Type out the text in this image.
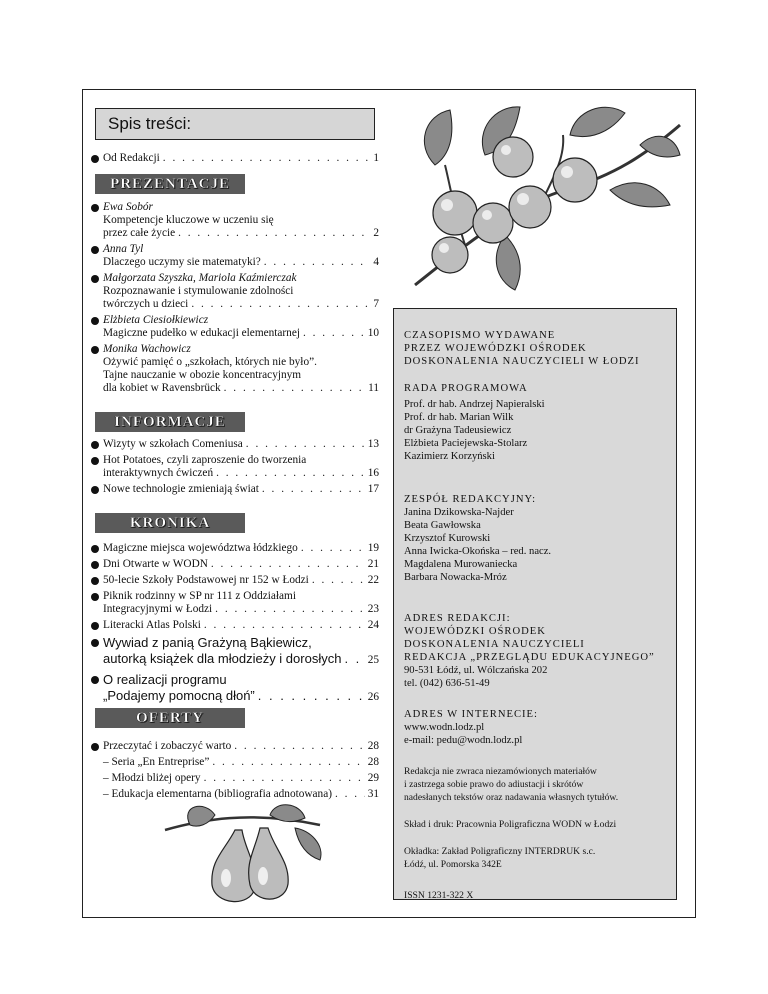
Spis treści:
Od Redakcji . . .	1
PREZENTACJE
Ewa Sobór
Kompetencje kluczowe w uczeniu się
przez całe życie . . .	2
Anna Tyl
Dlaczego uczymy sie matematyki? . . .	4
Małgorzata Szyszka, Mariola Kaźmierczak
Rozpoznawanie i stymulowanie zdolności
twórczych u dzieci . . .	7
Elżbieta Ciesiołkiewicz
Magiczne pudełko w edukacji elementarnej . . .	10
Monika Wachowicz
Ożywić pamięć o „szkołach, których nie było”.
Tajne nauczanie w obozie koncentracyjnym
dla kobiet w Ravensbrück . . .	11
INFORMACJE
Wizyty w szkołach Comeniusa . . .	13
Hot Potatoes, czyli zaproszenie do tworzenia
interaktywnych ćwiczeń . . .	16
Nowe technologie zmieniają świat . . .	17
KRONIKA
Magiczne miejsca województwa łódzkiego . . .	19
Dni Otwarte w WODN . . .	21
50-lecie Szkoły Podstawowej nr 152 w Łodzi . . .	22
Piknik rodzinny w SP nr 111 z Oddziałami
Integracyjnymi w Łodzi . . .	23
Literacki Atlas Polski . . .	24
Wywiad z panią Grażyną Bąkiewicz,
autorką książek dla młodzieży i dorosłych . . . 25
O realizacji programu
„Podajemy pomocną dłoń” . . .	26
OFERTY
Przeczytać i zobaczyć warto . . .	28
– Seria „En Entreprise” . . .	28
– Młodzi bliżej opery . . .	29
– Edukacja elementarna (bibliografia adnotowana) . . .	31
CZASOPISMO WYDAWANE
PRZEZ WOJEWÓDZKI OŚRODEK
DOSKONALENIA NAUCZYCIELI W ŁODZI
RADA PROGRAMOWA
Prof. dr hab. Andrzej Napieralski
Prof. dr hab. Marian Wilk
dr Grażyna Tadeusiewicz
Elżbieta Paciejewska-Stolarz
Kazimierz Korzyński
ZESPÓŁ REDAKCYJNY:
Janina Dzikowska-Najder
Beata Gawłowska
Krzysztof Kurowski
Anna Iwicka-Okońska – red. nacz.
Magdalena Murowaniecka
Barbara Nowacka-Mróz
ADRES REDAKCJI:
WOJEWÓDZKI OŚRODEK
DOSKONALENIA NAUCZYCIELI
REDAKCJA „PRZEGLĄDU EDUKACYJNEGO”
90-531 Łódź, ul. Wólczańska 202
tel. (042) 636-51-49
ADRES W INTERNECIE:
www.wodn.lodz.pl
e-mail: pedu@wodn.lodz.pl
Redakcja nie zwraca niezamówionych materiałów
i zastrzega sobie prawo do adiustacji i skrótów
nadesłanych tekstów oraz nadawania własnych tytułów.
Skład i druk: Pracownia Poligraficzna WODN w Łodzi
Okładka: Zakład Poligraficzny INTERDRUK s.c.
Łódź, ul. Pomorska 342E
ISSN 1231-322 X
